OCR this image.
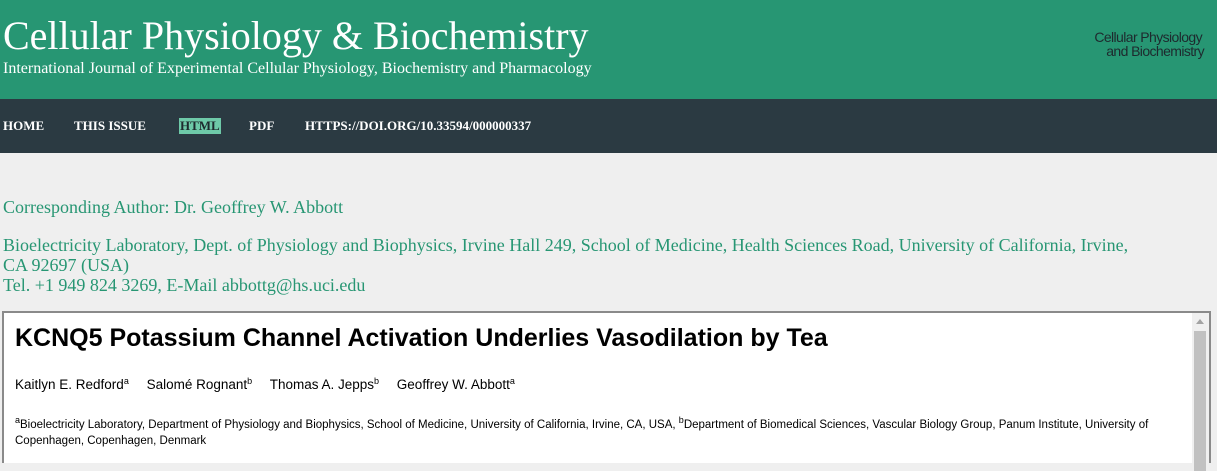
Cellular Physiology & Biochemistry
International Journal of Experimental Cellular Physiology, Biochemistry and Pharmacology
Cellular Physiology
and Biochemistry
HOME THIS ISSUE	HTML PDF HTTPS://DOI.ORG/10.33594/000000337
Corresponding Author: Dr. Geoffrey W. Abbott
Bioelectricity Laboratory, Dept. of Physiology and Biophysics, Irvine Hall 249, School of Medicine, Health Sciences Road, University of California, Irvine,
CA 92697 (USA)
Tel. +1 949 824 3269, E-Mail abbottg@hs.uci.edu
KCNQ5 Potassium Channel Activation Underlies Vasodilation by Tea
Kaitlyn E. Redford$^a$ Salomé Rognant$^b$ Thomas A. Jepps$^b$ Geoffrey W. Abbott$^a$
$^a$Bioelectricity Laboratory, Department of Physiology and Biophysics, School of Medicine, University of California, Irvine, CA, USA, $^b$Department of Biomedical Sciences, Vascular Biology Group, Panum Institute, University of Copenhagen, Copenhagen, Denmark
